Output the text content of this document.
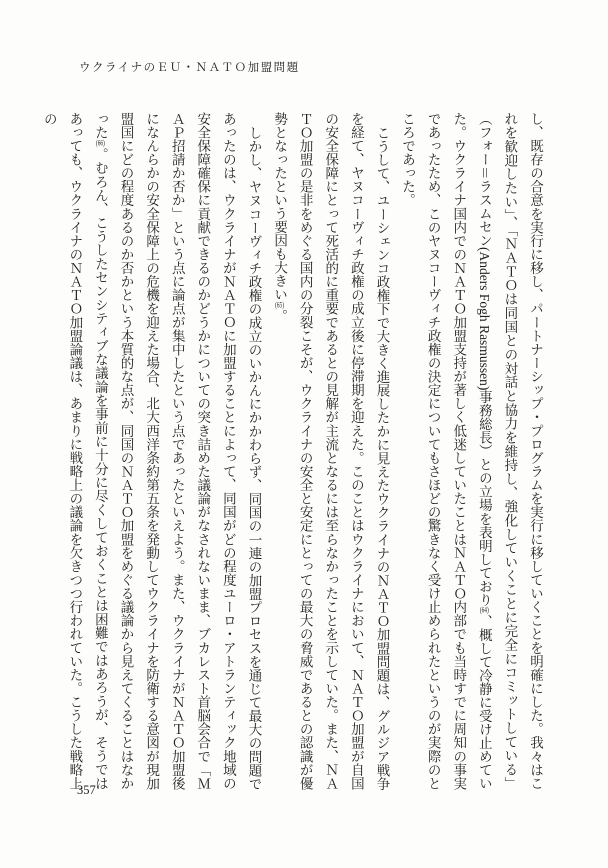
ウクライナのＥＵ・ＮＡＴＯ加盟問題

し、既存の合意を実行に移し、パートナーシップ・プログラムを実行に移していくことを明確にした。我々はこれを歓迎したい」、「ＮＡＴＯは同国との対話と協力を維持し、強化していくことに完全にコミットしている」（フォー＝ラスムセン(Anders Fogh Rasmussen)事務総長）との立場を表明しており(64)、概して冷静に受け止めていた。ウクライナ国内でのＮＡＴＯ加盟支持が著しく低迷していたことはＮＡＴＯ内部でも当時すでに周知の事実であったため、このヤヌコーヴィチ政権の決定についてもさほどの驚きなく受け止められたというのが実際のところであった。

こうして、ユーシェンコ政権下で大きく進展したかに見えたウクライナのＮＡＴＯ加盟問題は、グルジア戦争を経て、ヤヌコーヴィチ政権の成立後に停滞期を迎えた。このことはウクライナにおいて、ＮＡＴＯ加盟が自国の安全保障にとって死活的に重要であるとの見解が主流となるには至らなかったことを示していた。また、ＮＡＴＯ加盟の是非をめぐる国内の分裂こそが、ウクライナの安全と安定にとっての最大の脅威であるとの認識が優勢となったという要因も大きい(65)。

しかし、ヤヌコーヴィチ政権の成立のいかんにかかわらず、同国の一連の加盟プロセスを通じて最大の問題であったのは、ウクライナがＮＡＴＯに加盟することによって、同国がどの程度ユーロ・アトランティック地域の安全保障確保に貢献できるのかどうかについての突き詰めた議論がなされないまま、ブカレスト首脳会合で「ＭＡＰ招請か否か」という点に論点が集中したという点であったといえよう。また、ウクライナがＮＡＴＯ加盟後になんらかの安全保障上の危機を迎えた場合、北大西洋条約第五条を発動してウクライナを防衛する意図が現加盟国にどの程度あるのか否かという本質的な点が、同国のＮＡＴＯ加盟をめぐる議論から見えてくることはなかった(66)。むろん、こうしたセンシティブな議論を事前に十分に尽くしておくことは困難ではあろうが、そうではあっても、ウクライナのＮＡＴＯ加盟論議は、あまりに戦略上の議論を欠きつつ行われていた。こうした戦略上の

357
